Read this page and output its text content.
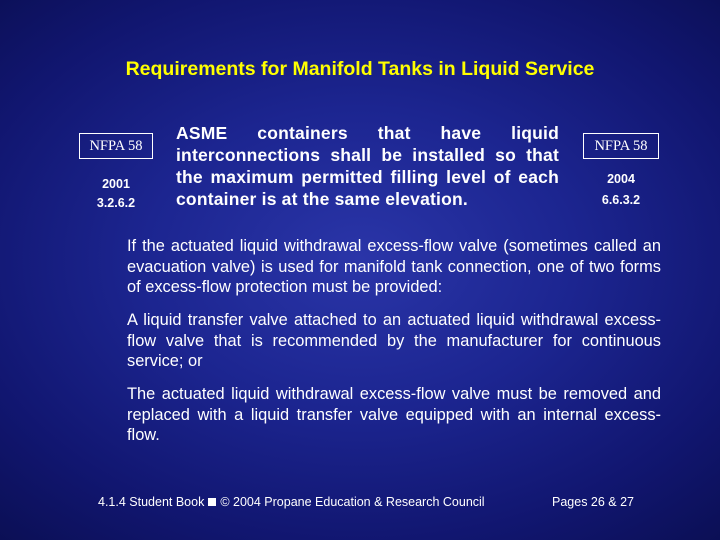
Requirements for Manifold Tanks in Liquid Service
NFPA 58
2001
3.2.6.2
ASME containers that have liquid interconnections shall be installed so that the maximum permitted filling level of each container is at the same elevation.
NFPA 58
2004
6.6.3.2
If the actuated liquid withdrawal excess-flow valve (sometimes called an evacuation valve) is used for manifold tank connection, one of two forms of excess-flow protection must be provided:
A liquid transfer valve attached to an actuated liquid withdrawal excess-flow valve that is recommended by the manufacturer for continuous service; or
The actuated liquid withdrawal excess-flow valve must be removed and replaced with a liquid transfer valve equipped with an internal excess-flow.
4.1.4 Student Book © 2004 Propane Education & Research Council	Pages 26 & 27
